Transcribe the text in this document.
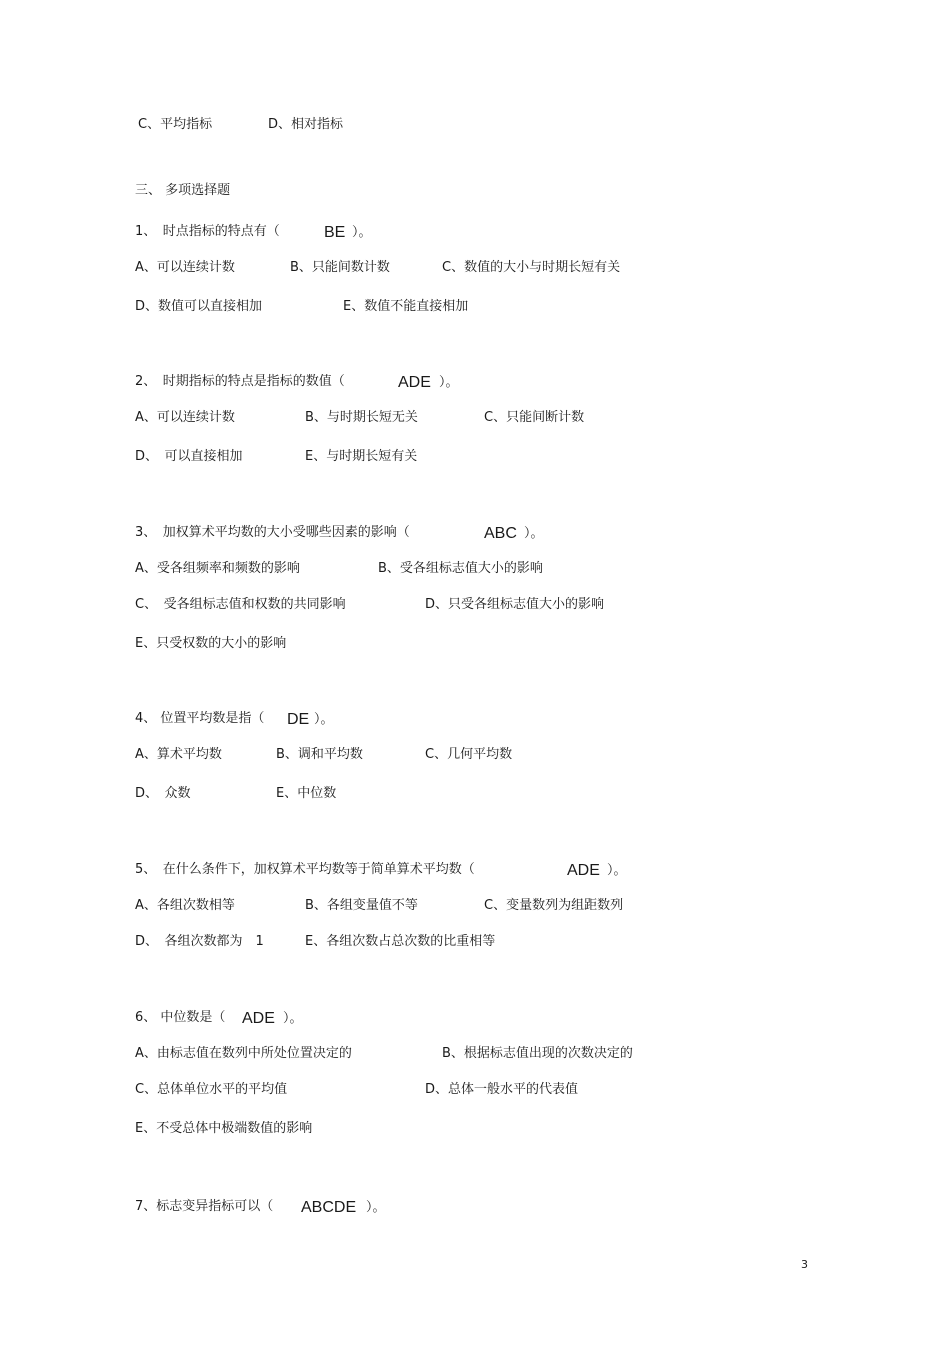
C、平均指标	D、相对指标
三、 多项选择题
1、　时点指标的特点有（	BE ）。
A、可以连续计数	B、只能间数计数	C、数值的大小与时期长短有关
D、数值可以直接相加	E、数值不能直接相加
2、　时期指标的特点是指标的数值（	ADE ）。
A、可以连续计数	B、与时期长短无关	C、只能间断计数
D、　可以直接相加	E、与时期长短有关
3、　加权算术平均数的大小受哪些因素的影响（	ABC ）。
A、受各组频率和频数的影响	B、受各组标志值大小的影响
C、　受各组标志值和权数的共同影响	D、只受各组标志值大小的影响
E、只受权数的大小的影响
4、 位置平均数是指（ DE ）。
A、算术平均数	B、调和平均数	C、几何平均数
D、　众数	E、中位数
5、　在什么条件下，加权算术平均数等于简单算术平均数（	ADE ）。
A、各组次数相等	B、各组变量值不等	C、变量数列为组距数列
D、　各组次数都为　1	E、各组次数占总次数的比重相等
6、 中位数是（ ADE ）。
A、由标志值在数列中所处位置决定的	B、根据标志值出现的次数决定的
C、总体单位水平的平均值	D、总体一般水平的代表值
E、不受总体中极端数值的影响
7、标志变异指标可以（ ABCDE ）。
3
